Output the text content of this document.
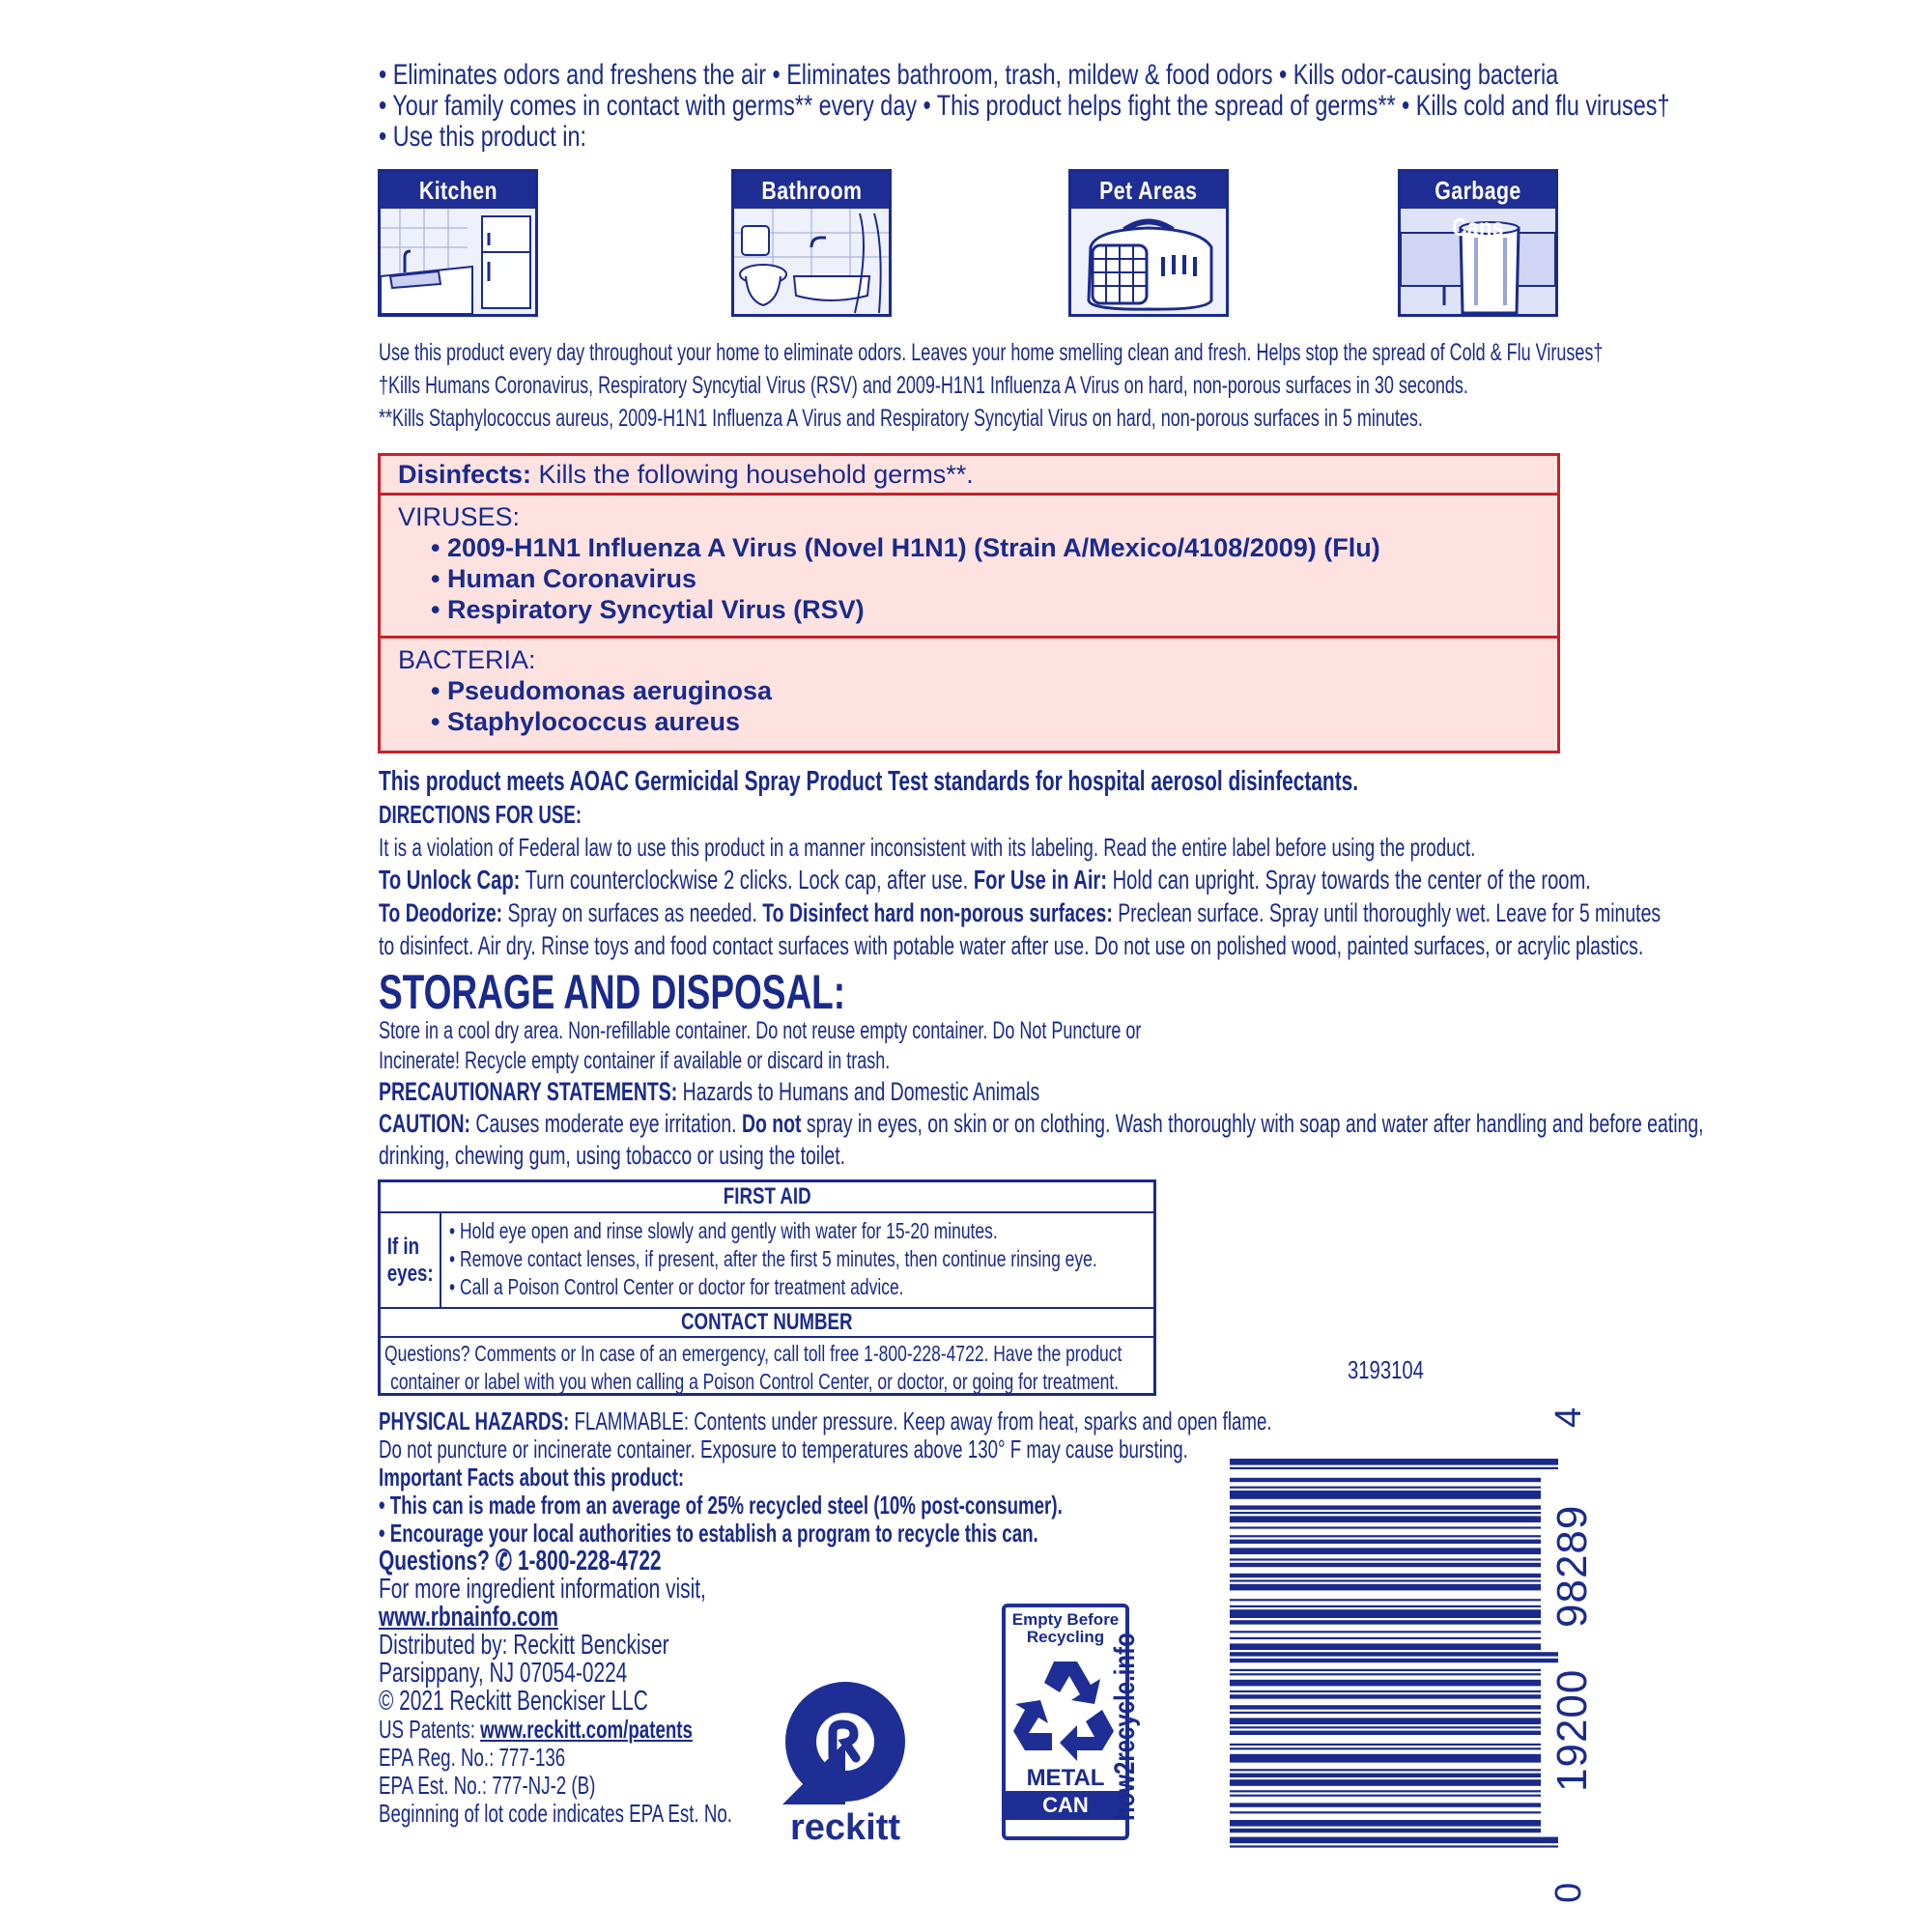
• Eliminates odors and freshens the air • Eliminates bathroom, trash, mildew & food odors • Kills odor-causing bacteria
• Your family comes in contact with germs** every day • This product helps fight the spread of germs** • Kills cold and flu viruses†
• Use this product in:
Kitchen	Bathroom	Pet Areas	Garbage Cans
Use this product every day throughout your home to eliminate odors. Leaves your home smelling clean and fresh. Helps stop the spread of Cold & Flu Viruses†
†Kills Humans Coronavirus, Respiratory Syncytial Virus (RSV) and 2009-H1N1 Influenza A Virus on hard, non-porous surfaces in 30 seconds.
**Kills Staphylococcus aureus, 2009-H1N1 Influenza A Virus and Respiratory Syncytial Virus on hard, non-porous surfaces in 5 minutes.
Disinfects: Kills the following household germs**.
VIRUSES:
• 2009-H1N1 Influenza A Virus (Novel H1N1) (Strain A/Mexico/4108/2009) (Flu)
• Human Coronavirus
• Respiratory Syncytial Virus (RSV)
BACTERIA:
• Pseudomonas aeruginosa
• Staphylococcus aureus
This product meets AOAC Germicidal Spray Product Test standards for hospital aerosol disinfectants.
DIRECTIONS FOR USE:
It is a violation of Federal law to use this product in a manner inconsistent with its labeling. Read the entire label before using the product.
To Unlock Cap: Turn counterclockwise 2 clicks. Lock cap, after use. For Use in Air: Hold can upright. Spray towards the center of the room.
To Deodorize: Spray on surfaces as needed. To Disinfect hard non-porous surfaces: Preclean surface. Spray until thoroughly wet. Leave for 5 minutes
to disinfect. Air dry. Rinse toys and food contact surfaces with potable water after use. Do not use on polished wood, painted surfaces, or acrylic plastics.
STORAGE AND DISPOSAL:
Store in a cool dry area. Non-refillable container. Do not reuse empty container. Do Not Puncture or
Incinerate! Recycle empty container if available or discard in trash.
PRECAUTIONARY STATEMENTS: Hazards to Humans and Domestic Animals
CAUTION: Causes moderate eye irritation. Do not spray in eyes, on skin or on clothing. Wash thoroughly with soap and water after handling and before eating,
drinking, chewing gum, using tobacco or using the toilet.
FIRST AID
If in eyes:
• Hold eye open and rinse slowly and gently with water for 15-20 minutes.
• Remove contact lenses, if present, after the first 5 minutes, then continue rinsing eye.
• Call a Poison Control Center or doctor for treatment advice.
CONTACT NUMBER
Questions? Comments or In case of an emergency, call toll free 1-800-228-4722. Have the product
container or label with you when calling a Poison Control Center, or doctor, or going for treatment.	3193104
PHYSICAL HAZARDS: FLAMMABLE: Contents under pressure. Keep away from heat, sparks and open flame.
Do not puncture or incinerate container. Exposure to temperatures above 130° F may cause bursting.
Important Facts about this product:
• This can is made from an average of 25% recycled steel (10% post-consumer).
• Encourage your local authorities to establish a program to recycle this can.
Questions? ✆ 1-800-228-4722
For more ingredient information visit,
www.rbnainfo.com
Distributed by: Reckitt Benckiser
Parsippany, NJ 07054-0224
© 2021 Reckitt Benckiser LLC
US Patents: www.reckitt.com/patents
EPA Reg. No.: 777-136
EPA Est. No.: 777-NJ-2 (B)
Beginning of lot code indicates EPA Est. No.	reckitt
Empty Before Recycling
METAL
CAN how2recycle.info
0
19200
98289
4
